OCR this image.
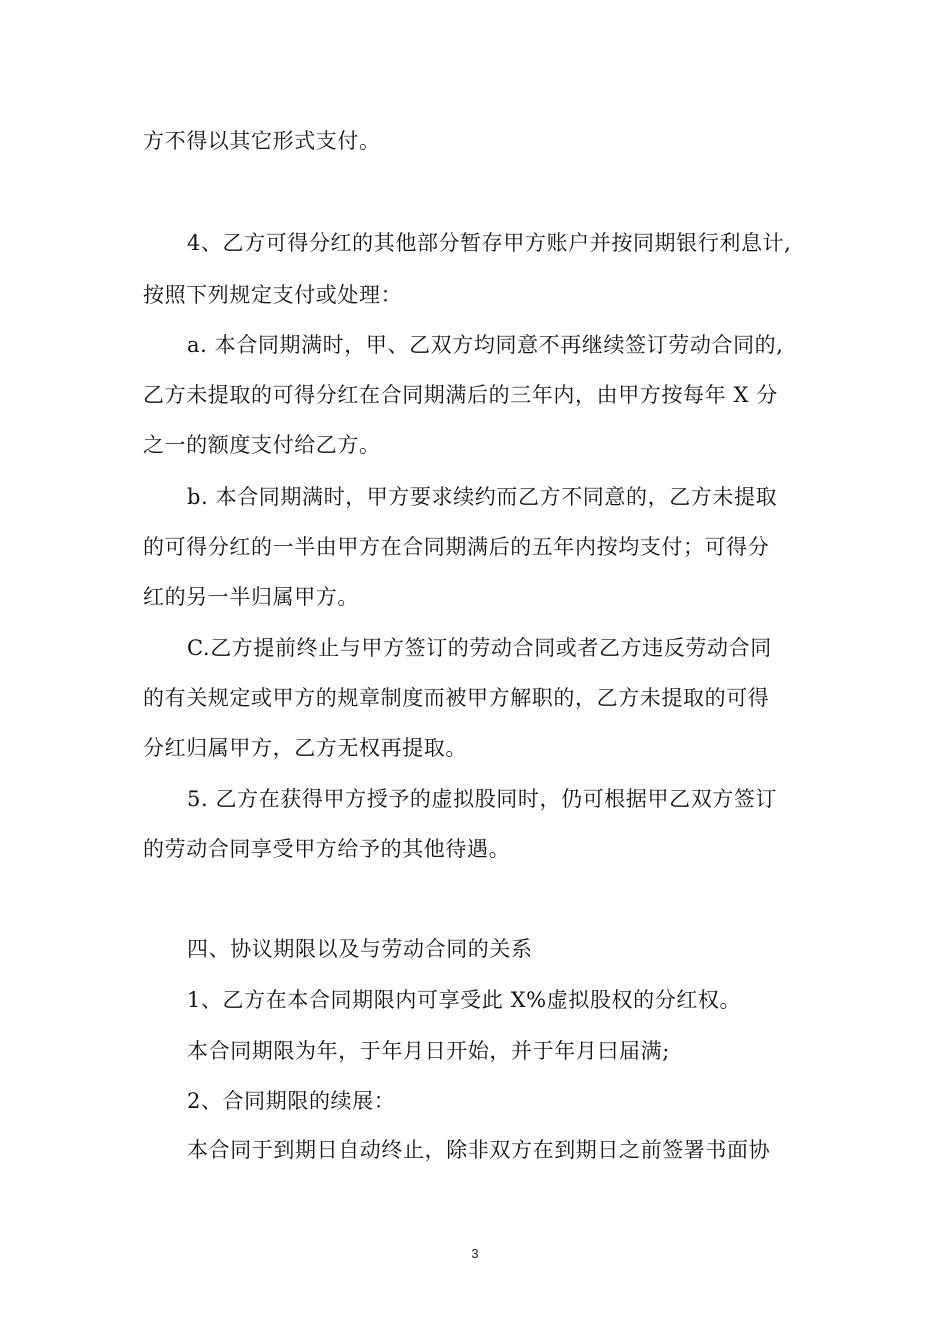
方不得以其它形式支付。
4、乙方可得分红的其他部分暂存甲方账户并按同期银行利息计,
按照下列规定支付或处理：
a. 本合同期满时，甲、乙双方均同意不再继续签订劳动合同的,
乙方未提取的可得分红在合同期满后的三年内，由甲方按每年 X 分
之一的额度支付给乙方。
b. 本合同期满时，甲方要求续约而乙方不同意的，乙方未提取
的可得分红的一半由甲方在合同期满后的五年内按均支付；可得分
红的另一半归属甲方。
C.乙方提前终止与甲方签订的劳动合同或者乙方违反劳动合同
的有关规定或甲方的规章制度而被甲方解职的，乙方未提取的可得
分红归属甲方，乙方无权再提取。
5. 乙方在获得甲方授予的虚拟股同时，仍可根据甲乙双方签订
的劳动合同享受甲方给予的其他待遇。
四、协议期限以及与劳动合同的关系
1、乙方在本合同期限内可享受此 X%虚拟股权的分红权。
本合同期限为年，于年月日开始，并于年月曰届满;
2、合同期限的续展：
本合同于到期日自动终止，除非双方在到期日之前签署书面协
3
